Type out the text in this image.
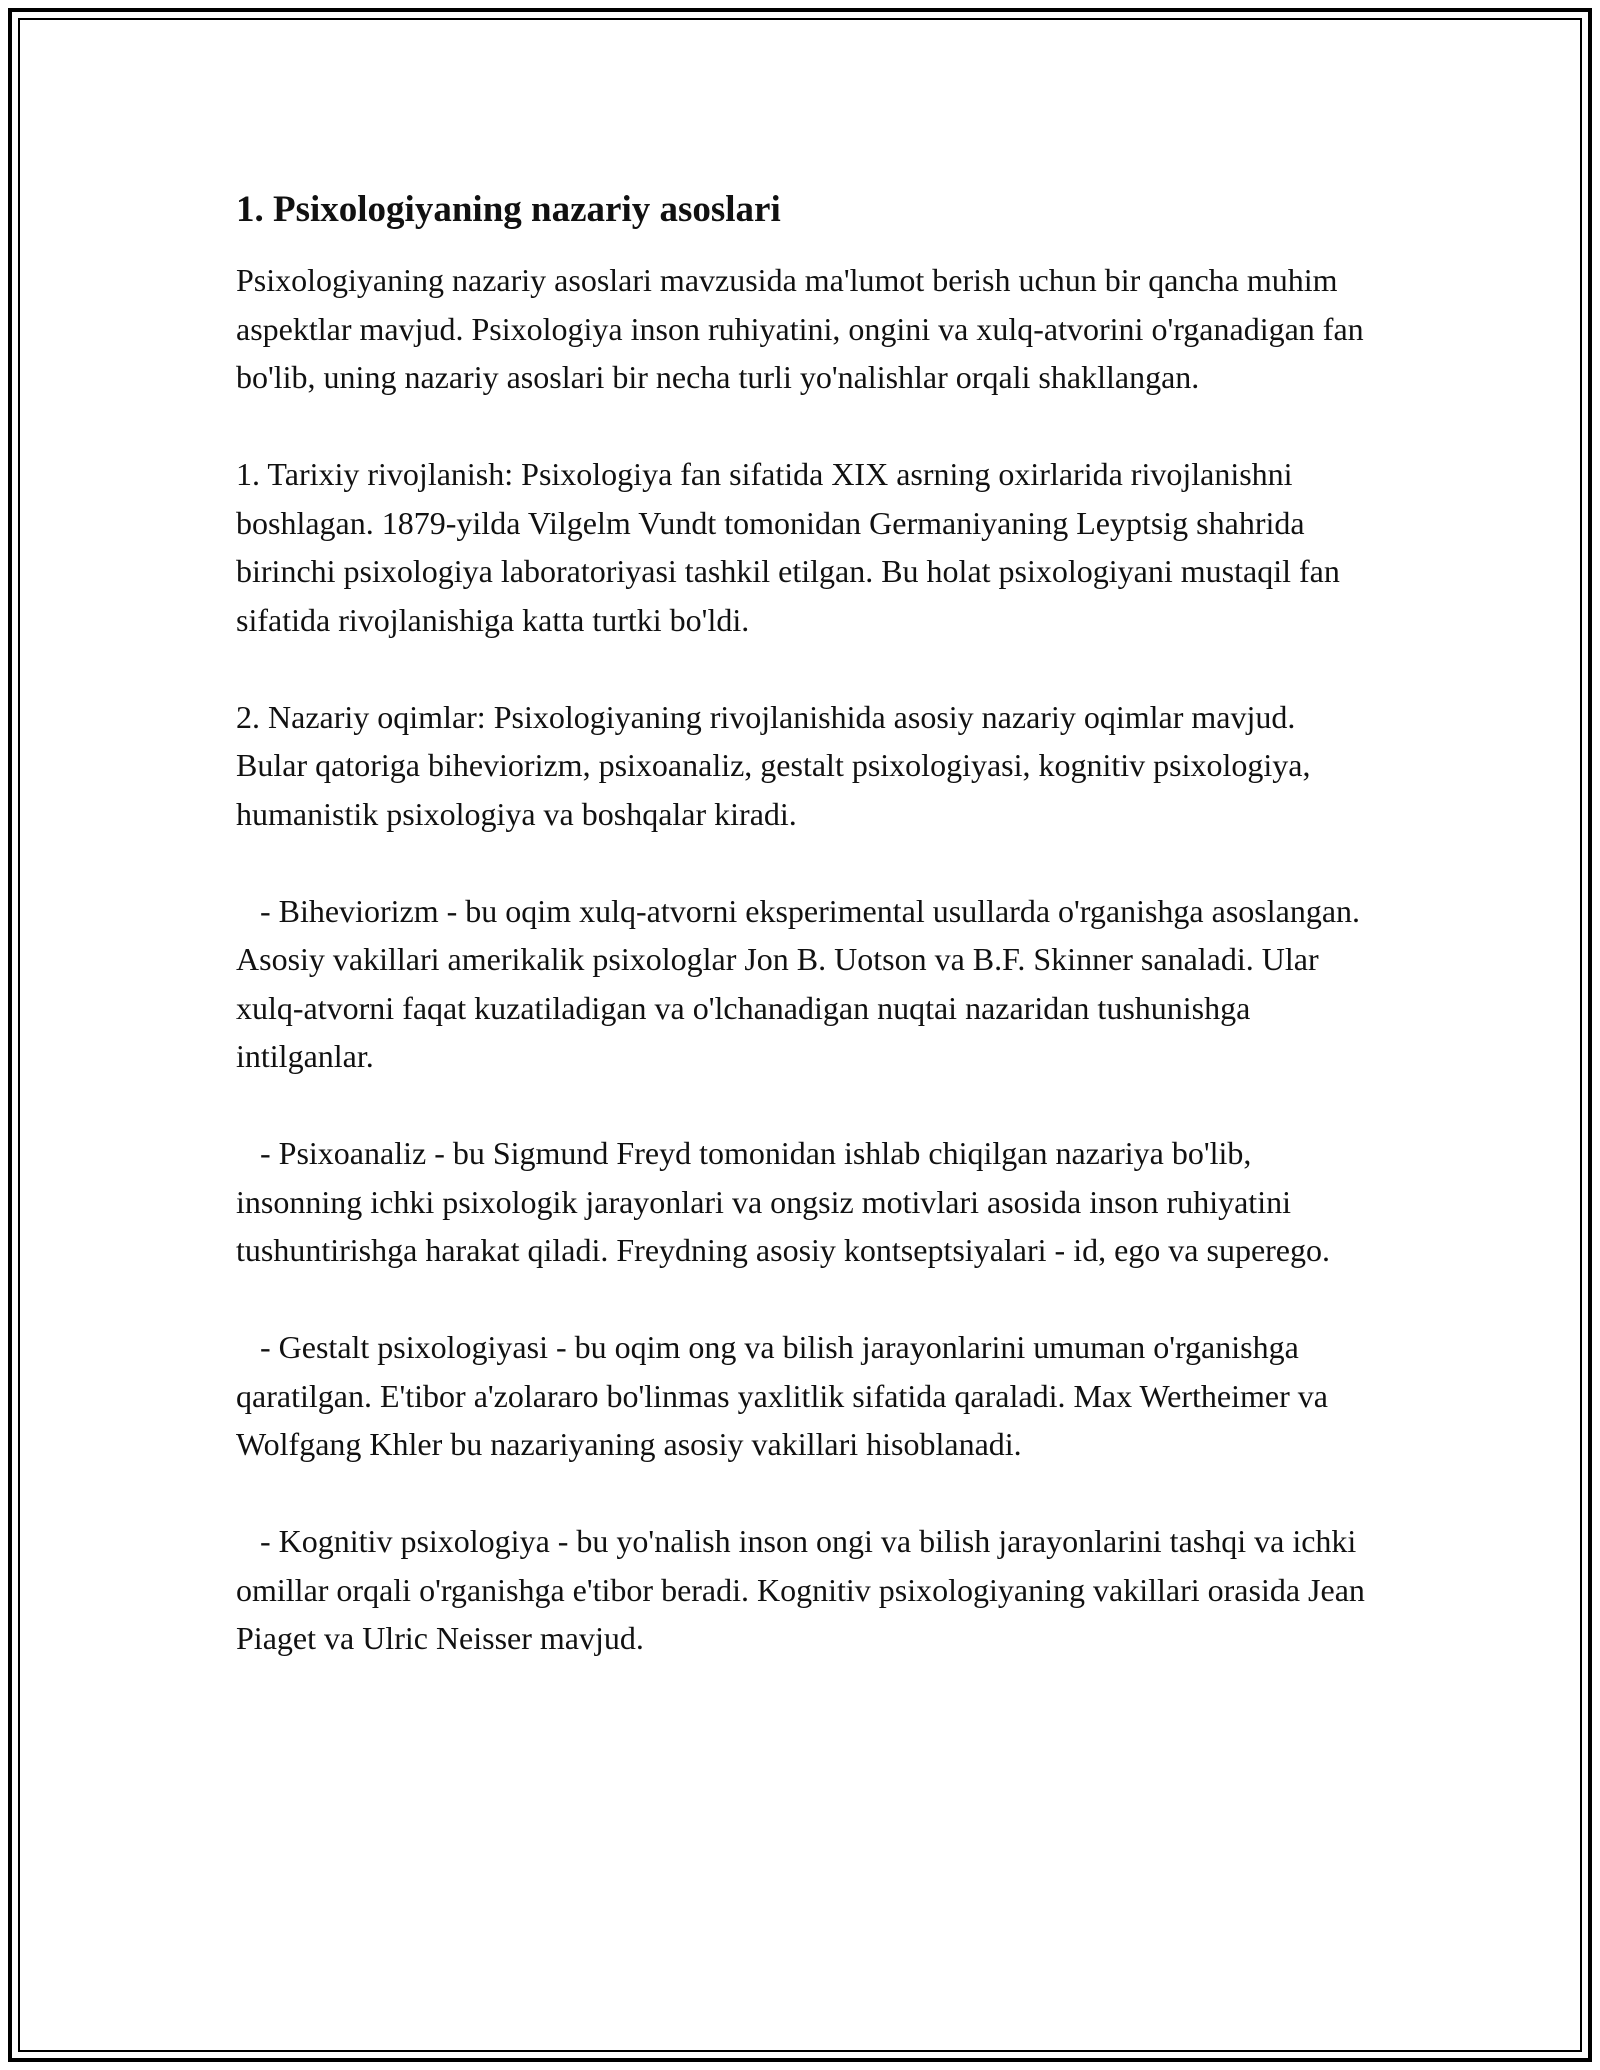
1. Psixologiyaning nazariy asoslari

Psixologiyaning nazariy asoslari mavzusida ma'lumot berish uchun bir qancha muhim aspektlar mavjud. Psixologiya inson ruhiyatini, ongini va xulq-atvorini o'rganadigan fan bo'lib, uning nazariy asoslari bir necha turli yo'nalishlar orqali shakllangan.

1. Tarixiy rivojlanish: Psixologiya fan sifatida XIX asrning oxirlarida rivojlanishni boshlagan. 1879-yilda Vilgelm Vundt tomonidan Germaniyaning Leyptsig shahrida birinchi psixologiya laboratoriyasi tashkil etilgan. Bu holat psixologiyani mustaqil fan sifatida rivojlanishiga katta turtki bo'ldi.

2. Nazariy oqimlar: Psixologiyaning rivojlanishida asosiy nazariy oqimlar mavjud. Bular qatoriga biheviorizm, psixoanaliz, gestalt psixologiyasi, kognitiv psixologiya, humanistik psixologiya va boshqalar kiradi.

- Biheviorizm - bu oqim xulq-atvorni eksperimental usullarda o'rganishga asoslangan. Asosiy vakillari amerikalik psixologlar Jon B. Uotson va B.F. Skinner sanaladi. Ular xulq-atvorni faqat kuzatiladigan va o'lchanadigan nuqtai nazaridan tushunishga intilganlar.

- Psixoanaliz - bu Sigmund Freyd tomonidan ishlab chiqilgan nazariya bo'lib, insonning ichki psixologik jarayonlari va ongsiz motivlari asosida inson ruhiyatini tushuntirishga harakat qiladi. Freydning asosiy kontseptsiyalari - id, ego va superego.

- Gestalt psixologiyasi - bu oqim ong va bilish jarayonlarini umuman o'rganishga qaratilgan. E'tibor a'zolararo bo'linmas yaxlitlik sifatida qaraladi. Max Wertheimer va Wolfgang Khler bu nazariyaning asosiy vakillari hisoblanadi.

- Kognitiv psixologiya - bu yo'nalish inson ongi va bilish jarayonlarini tashqi va ichki omillar orqali o'rganishga e'tibor beradi. Kognitiv psixologiyaning vakillari orasida Jean Piaget va Ulric Neisser mavjud.
